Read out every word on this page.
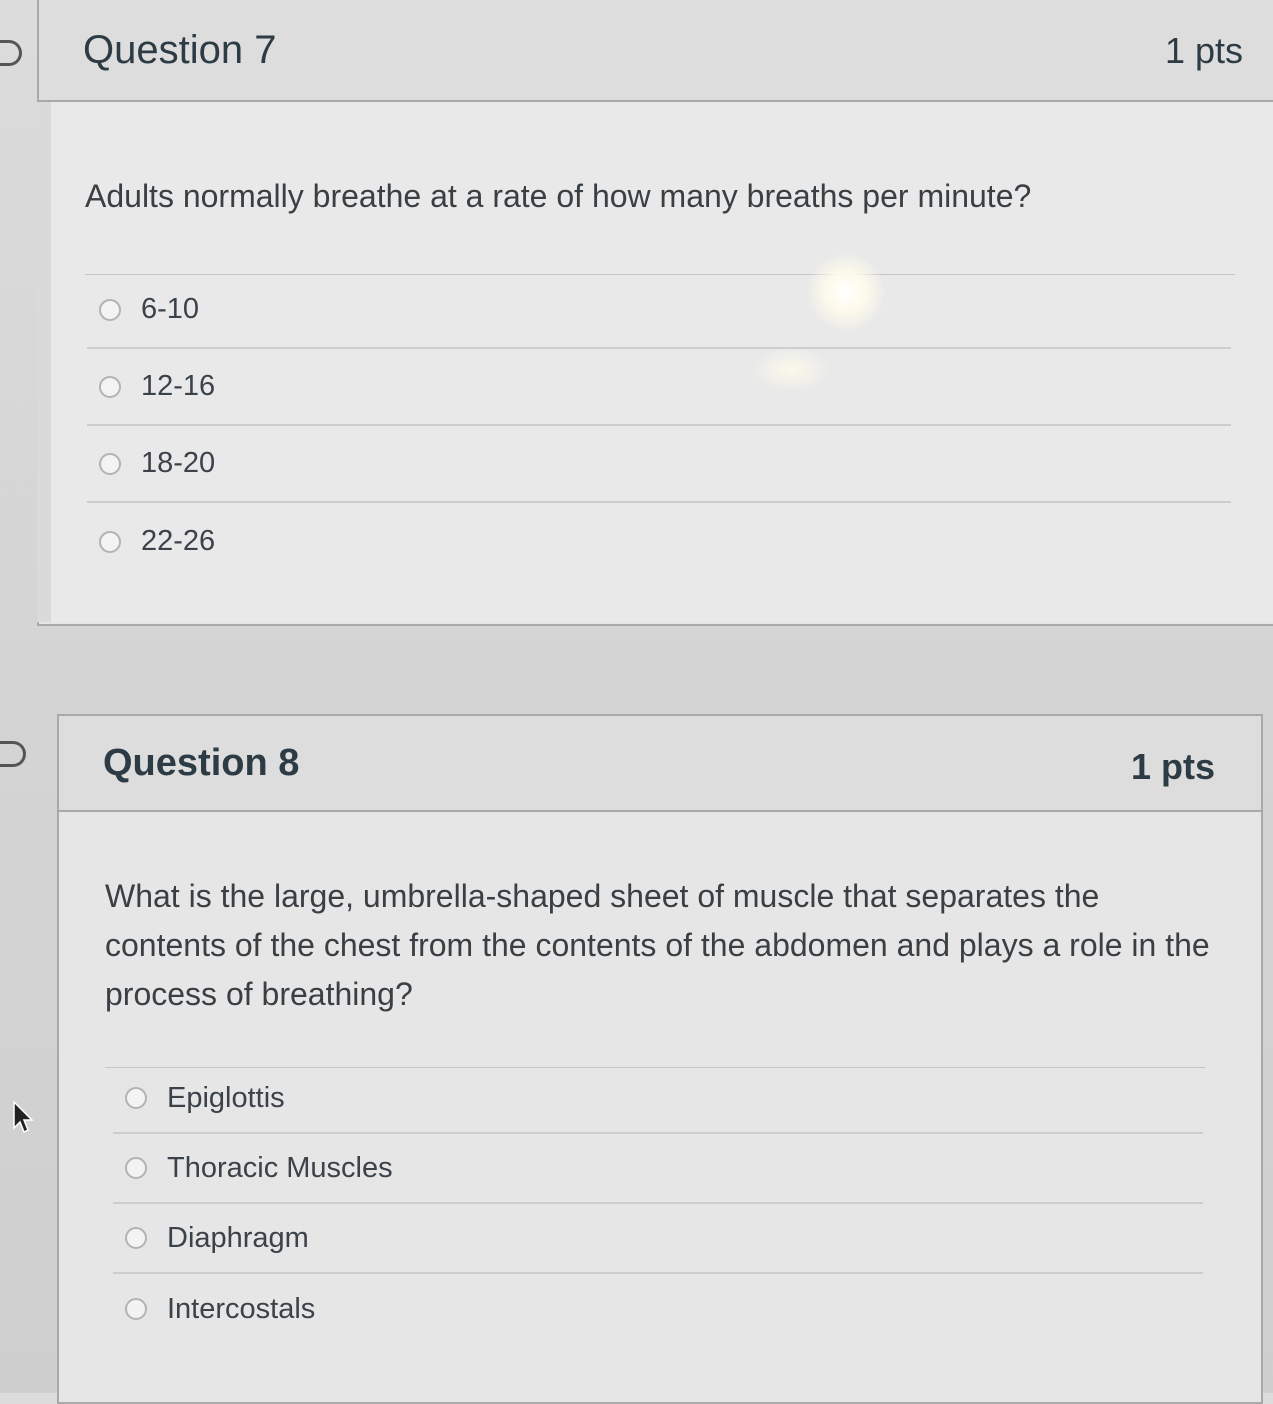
Question 7	1 pts
Adults normally breathe at a rate of how many breaths per minute?
6-10
12-16
18-20
22-26
Question 8	1 pts
What is the large, umbrella-shaped sheet of muscle that separates the contents of the chest from the contents of the abdomen and plays a role in the process of breathing?
Epiglottis
Thoracic Muscles
Diaphragm
Intercostals
